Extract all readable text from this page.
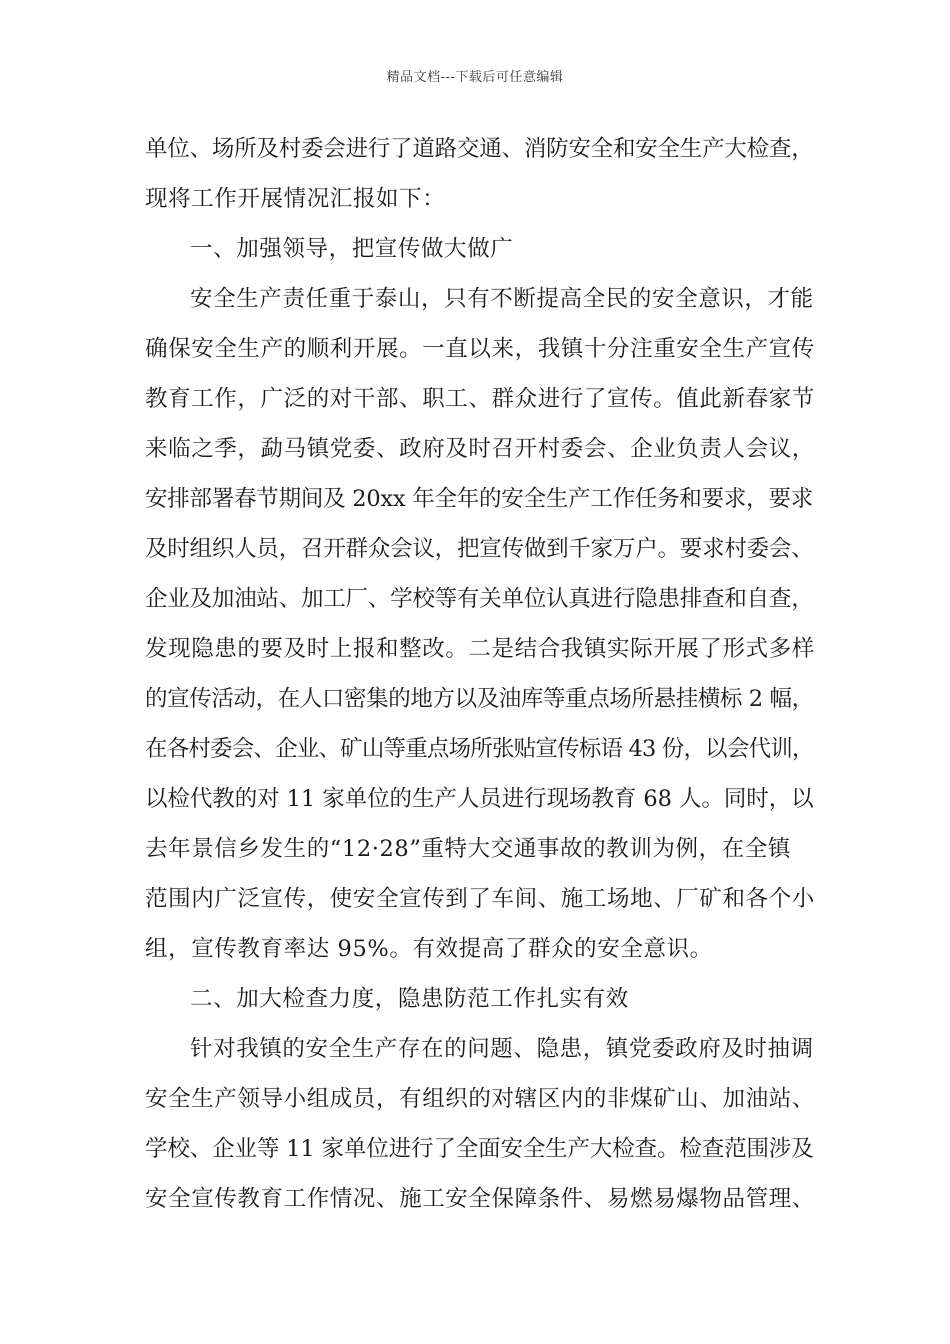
精品文档---下载后可任意编辑
单位、场所及村委会进行了道路交通、消防安全和安全生产大检查，
现将工作开展情况汇报如下：
一、加强领导，把宣传做大做广
安全生产责任重于泰山，只有不断提高全民的安全意识，才能
确保安全生产的顺利开展。一直以来，我镇十分注重安全生产宣传
教育工作，广泛的对干部、职工、群众进行了宣传。值此新春家节
来临之季，勐马镇党委、政府及时召开村委会、企业负责人会议，
安排部署春节期间及 20xx 年全年的安全生产工作任务和要求，要求
及时组织人员，召开群众会议，把宣传做到千家万户。要求村委会、
企业及加油站、加工厂、学校等有关单位认真进行隐患排查和自查，
发现隐患的要及时上报和整改。二是结合我镇实际开展了形式多样
的宣传活动，在人口密集的地方以及油库等重点场所悬挂横标 2 幅，
在各村委会、企业、矿山等重点场所张贴宣传标语 43 份，以会代训，
以检代教的对 11 家单位的生产人员进行现场教育 68 人。同时，以
去年景信乡发生的“12·28”重特大交通事故的教训为例，在全镇
范围内广泛宣传，使安全宣传到了车间、施工场地、厂矿和各个小
组，宣传教育率达 95%。有效提高了群众的安全意识。
二、加大检查力度，隐患防范工作扎实有效
针对我镇的安全生产存在的问题、隐患，镇党委政府及时抽调
安全生产领导小组成员，有组织的对辖区内的非煤矿山、加油站、
学校、企业等 11 家单位进行了全面安全生产大检查。检查范围涉及
安全宣传教育工作情况、施工安全保障条件、易燃易爆物品管理、
